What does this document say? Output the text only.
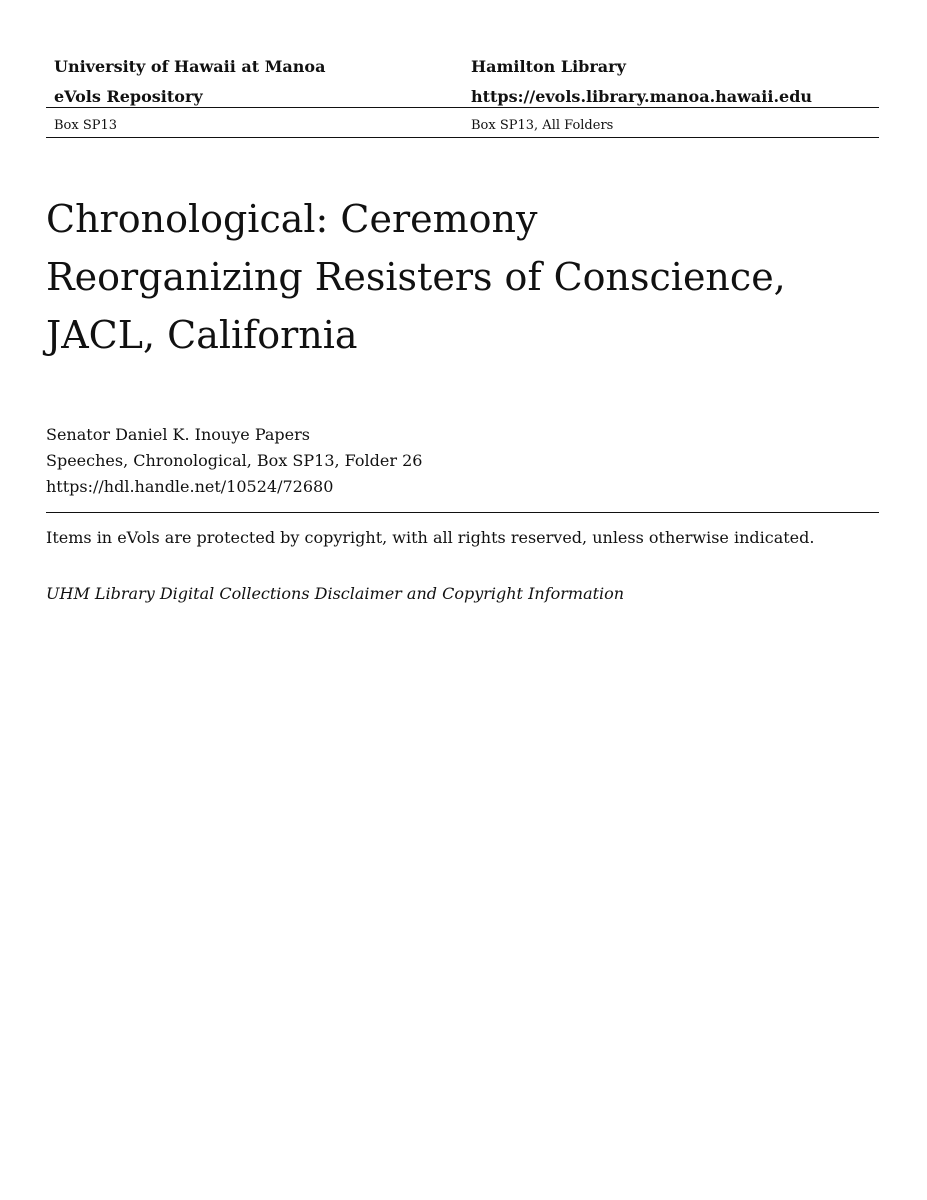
University of Hawaii at Manoa
eVols Repository
Hamilton Library
https://evols.library.manoa.hawaii.edu
Box SP13	Box SP13, All Folders
Chronological: Ceremony
Reorganizing Resisters of Conscience,
JACL, California
Senator Daniel K. Inouye Papers
Speeches, Chronological, Box SP13, Folder 26
https://hdl.handle.net/10524/72680
Items in eVols are protected by copyright, with all rights reserved, unless otherwise indicated.
UHM Library Digital Collections Disclaimer and Copyright Information
